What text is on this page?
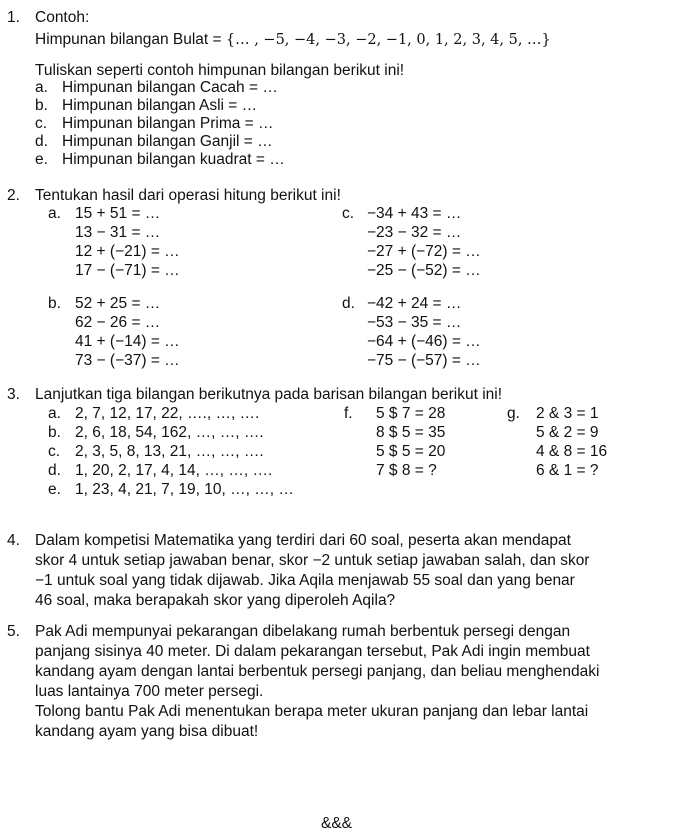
1. Contoh:
Himpunan bilangan Bulat = {… , −5, −4, −3, −2, −1, 0, 1, 2, 3, 4, 5, …}
Tuliskan seperti contoh himpunan bilangan berikut ini!
a. Himpunan bilangan Cacah = …
b. Himpunan bilangan Asli = …
c. Himpunan bilangan Prima = …
d. Himpunan bilangan Ganjil = …
e. Himpunan bilangan kuadrat = …
2. Tentukan hasil dari operasi hitung berikut ini!
a. 15 + 51 = …
13 − 31 = …
12 + (−21) = …
17 − (−71) = …
c. −34 + 43 = …
−23 − 32 = …
−27 + (−72) = …
−25 − (−52) = …
b. 52 + 25 = …
62 − 26 = …
41 + (−14) = …
73 − (−37) = …
d. −42 + 24 = …
−53 − 35 = …
−64 + (−46) = …
−75 − (−57) = …
3. Lanjutkan tiga bilangan berikutnya pada barisan bilangan berikut ini!
a. 2, 7, 12, 17, 22, …., …, ….
b. 2, 6, 18, 54, 162, …, …, ….
c. 2, 3, 5, 8, 13, 21, …, …, ….
d. 1, 20, 2, 17, 4, 14, …, …, ….
e. 1, 23, 4, 21, 7, 19, 10, …, …, …
f. 5 $ 7 = 28
8 $ 5 = 35
5 $ 5 = 20
7 $ 8 = ?
g. 2 & 3 = 1
5 & 2 = 9
4 & 8 = 16
6 & 1 = ?
4. Dalam kompetisi Matematika yang terdiri dari 60 soal, peserta akan mendapat
skor 4 untuk setiap jawaban benar, skor −2 untuk setiap jawaban salah, dan skor
−1 untuk soal yang tidak dijawab. Jika Aqila menjawab 55 soal dan yang benar
46 soal, maka berapakah skor yang diperoleh Aqila?
5. Pak Adi mempunyai pekarangan dibelakang rumah berbentuk persegi dengan
panjang sisinya 40 meter. Di dalam pekarangan tersebut, Pak Adi ingin membuat
kandang ayam dengan lantai berbentuk persegi panjang, dan beliau menghendaki
luas lantainya 700 meter persegi.
Tolong bantu Pak Adi menentukan berapa meter ukuran panjang dan lebar lantai
kandang ayam yang bisa dibuat!
&&&
